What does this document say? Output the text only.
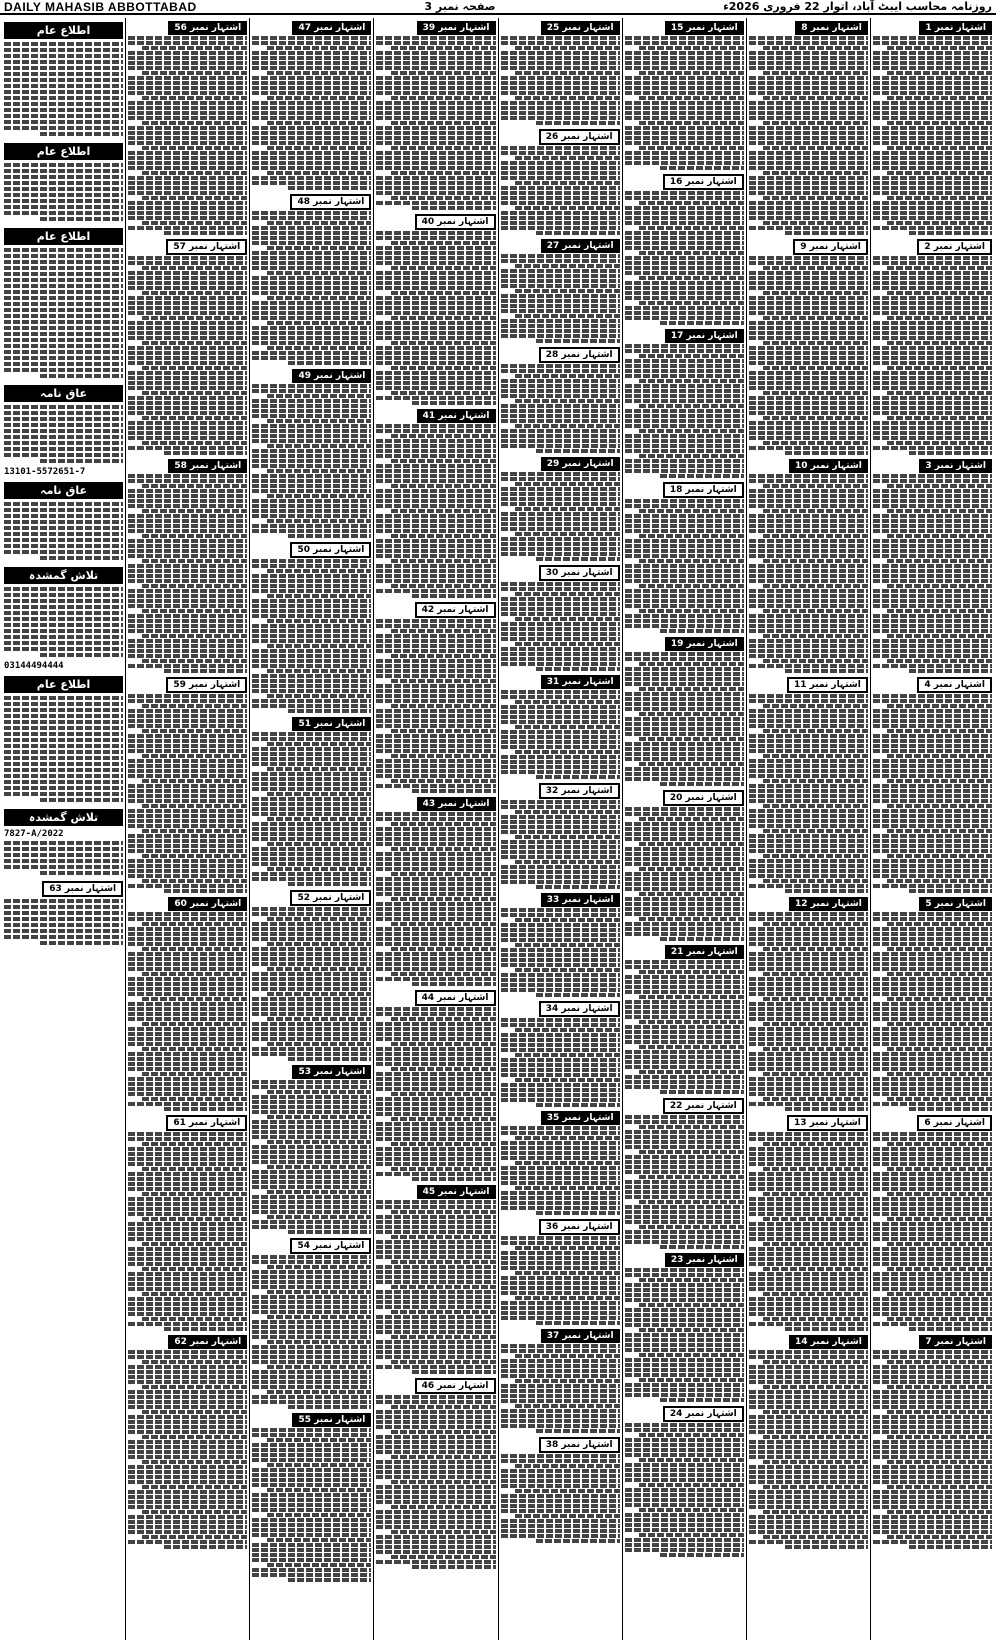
DAILY MAHASIB ABBOTTABAD	صفحہ نمبر 3	روزنامہ محاسب ایبٹ آباد، اتوار 22 فروری 2026ء
اشتہار نمبر 1
اشتہار نمبر 2
اشتہار نمبر 3
اشتہار نمبر 4
اشتہار نمبر 5
اشتہار نمبر 6
اشتہار نمبر 7
اشتہار نمبر 8
اشتہار نمبر 9
اشتہار نمبر 10
اشتہار نمبر 11
اشتہار نمبر 12
اشتہار نمبر 13
اشتہار نمبر 14
اشتہار نمبر 15
اشتہار نمبر 16
اشتہار نمبر 17
اشتہار نمبر 18
اشتہار نمبر 19
اشتہار نمبر 20
اشتہار نمبر 21
اشتہار نمبر 22
اشتہار نمبر 23
اشتہار نمبر 24
اشتہار نمبر 25
اشتہار نمبر 26
اشتہار نمبر 27
اشتہار نمبر 28
اشتہار نمبر 29
اشتہار نمبر 30
اشتہار نمبر 31
اشتہار نمبر 32
اشتہار نمبر 33
اشتہار نمبر 34
اشتہار نمبر 35
اشتہار نمبر 36
اشتہار نمبر 37
اشتہار نمبر 38
اشتہار نمبر 39
اشتہار نمبر 40
اشتہار نمبر 41
اشتہار نمبر 42
اشتہار نمبر 43
اشتہار نمبر 44
اشتہار نمبر 45
اشتہار نمبر 46
اشتہار نمبر 47
اشتہار نمبر 48
اشتہار نمبر 49
اشتہار نمبر 50
اشتہار نمبر 51
اشتہار نمبر 52
اشتہار نمبر 53
اشتہار نمبر 54
اشتہار نمبر 55
اشتہار نمبر 56
اشتہار نمبر 57
اشتہار نمبر 58
اشتہار نمبر 59
اشتہار نمبر 60
اشتہار نمبر 61
اشتہار نمبر 62
اطلاع عام
اطلاع عام
اطلاع عام
عاق نامہ
13101-5572651-7
عاق نامہ
تلاش گمشدہ
03144494444
اطلاع عام
تلاش گمشدہ
7827-A/2022
اشتہار نمبر 63
